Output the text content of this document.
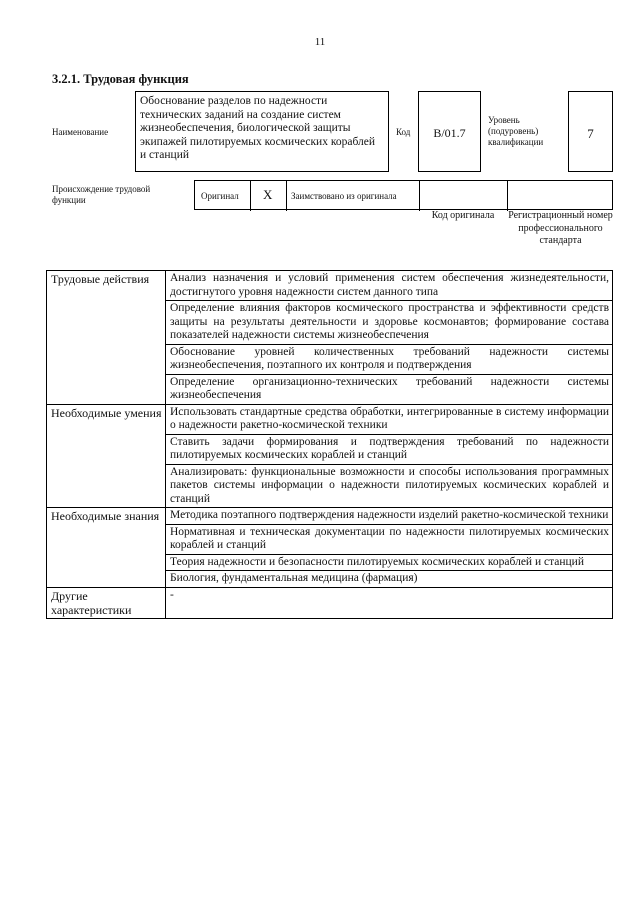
11
3.2.1. Трудовая функция
Наименование
Обоснование разделов по надежности технических заданий на создание систем жизнеобеспечения, биологической защиты экипажей пилотируемых космических кораблей и станций
Код B/01.7
Уровень (подуровень) квалификации
7
Происхождение трудовой функции	Оригинал X Заимствовано из оригинала
Код оригинала	Регистрационный номер профессионального стандарта
Трудовые действия	Анализ назначения и условий применения систем обеспечения жизнедеятельности, достигнутого уровня надежности систем данного типа
	Определение влияния факторов космического пространства и эффективности средств защиты на результаты деятельности и здоровье космонавтов; формирование состава показателей надежности системы жизнеобеспечения
	Обоснование уровней количественных требований надежности системы жизнеобеспечения, поэтапного их контроля и подтверждения
	Определение организационно-технических требований надежности системы жизнеобеспечения
Необходимые умения	Использовать стандартные средства обработки, интегрированные в систему информации о надежности ракетно-космической техники
	Ставить задачи формирования и подтверждения требований по надежности пилотируемых космических кораблей и станций
	Анализировать: функциональные возможности и способы использования программных пакетов системы информации о надежности пилотируемых космических кораблей и станций
Необходимые знания	Методика поэтапного подтверждения надежности изделий ракетно-космической техники
	Нормативная и техническая документации по надежности пилотируемых космических кораблей и станций
	Теория надежности и безопасности пилотируемых космических кораблей и станций
	Биология, фундаментальная медицина (фармация)
Другие характеристики	-
